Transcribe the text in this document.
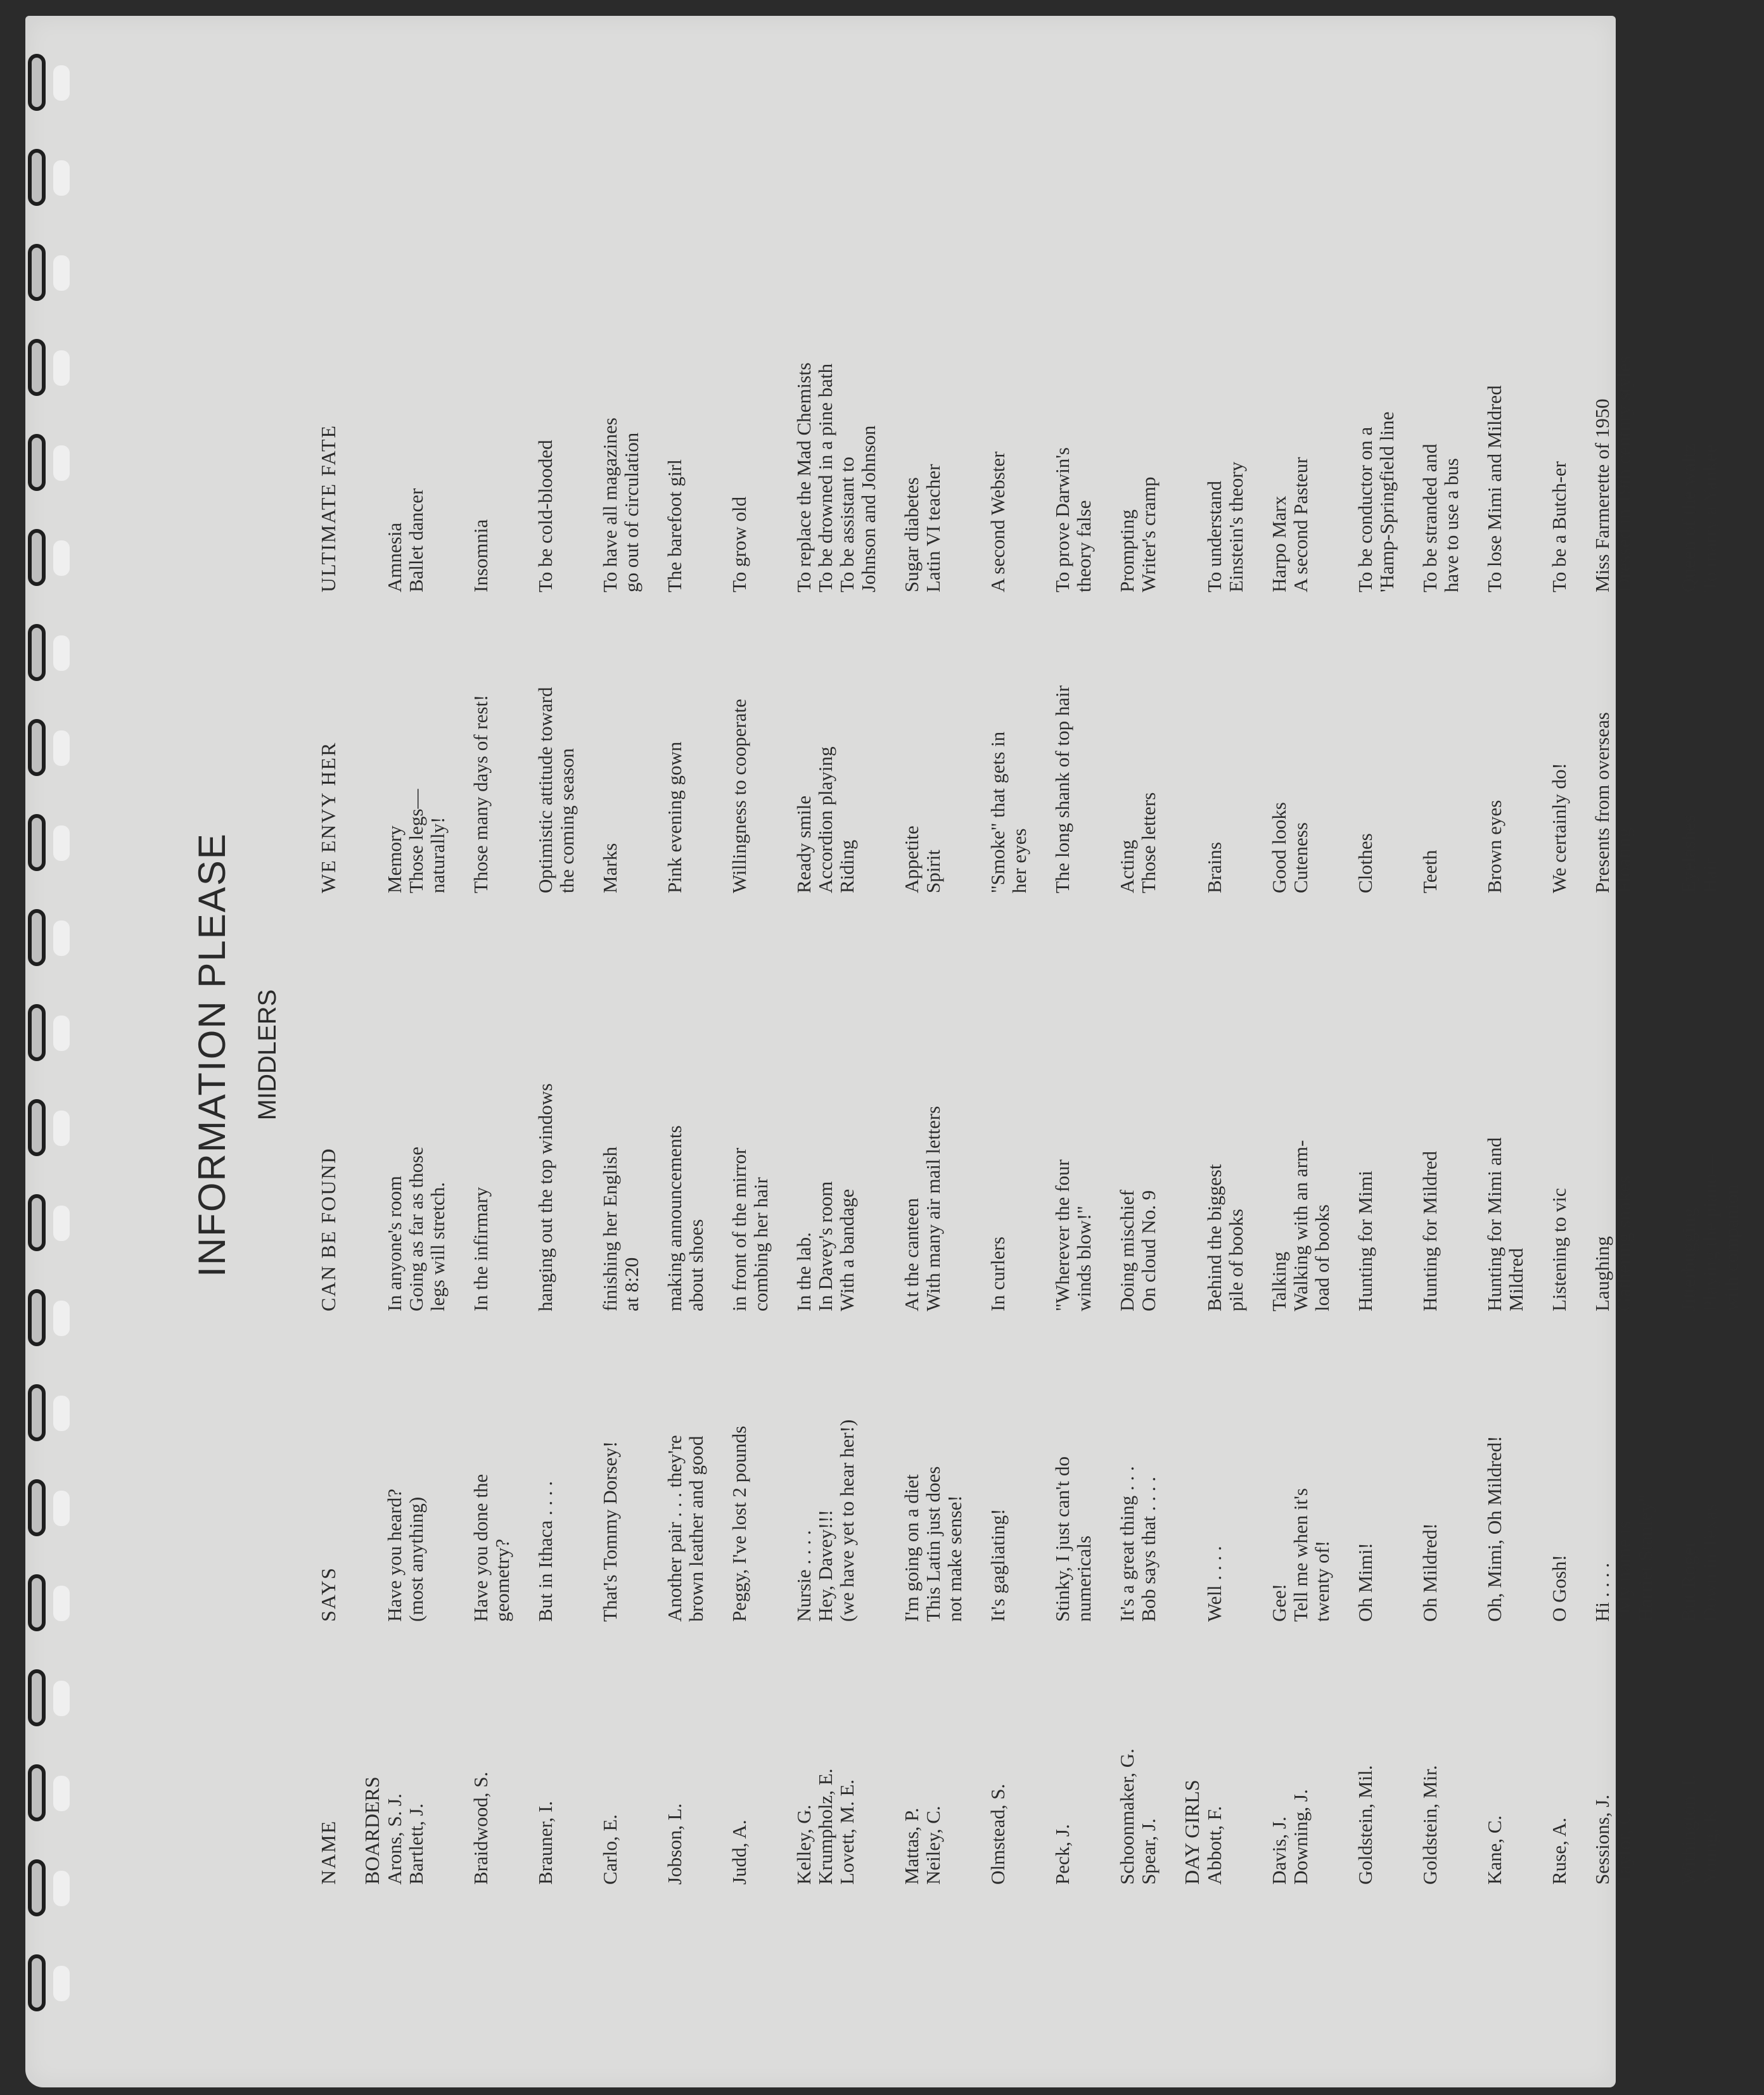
INFORMATION PLEASE MIDDLERS
NAME
SAYS
CAN BE FOUND
WE ENVY HER
ULTIMATE FATE
BOARDERS Arons, S. J.
Have you heard?
In anyone's room
Memory
Amnesia
Bartlett, J.
(most anything)
Going as far as those
Those legs—
Ballet dancer
legs will stretch.
naturally!
Braidwood, S.
Have you done the
In the infirmary
Those many days of rest!
Insomnia
geometry?
Brauner, I.
But in Ithaca . . . .
hanging out the top windows
Optimistic attitude toward
To be cold-blooded
the coming season
Carlo, E.
That's Tommy Dorsey!
finishing her English
Marks
To have all magazines
at 8:20
go out of circulation
Jobson, L.
Another pair . . . they're
making announcements
Pink evening gown
The barefoot girl
brown leather and good
about shoes
Judd, A.
Peggy, I've lost 2 pounds
in front of the mirror
Willingness to cooperate
To grow old
combing her hair
Kelley, G.
Nursie . . . .
In the lab.
Ready smile
To replace the Mad Chemists
Krumpholz, E.
Hey, Davey!!!
In Davey's room
Accordion playing
To be drowned in a pine bath
Lovett, M. E.
(we have yet to hear her!)
With a bandage
Riding
To be assistant to Johnson and Johnson
Mattas, P.
I'm going on a diet
At the canteen
Appetite
Sugar diabetes
Neiley, C.
This Latin just does
With many air mail letters
Spirit
Latin VI teacher
not make sense!
Olmstead, S.
It's gagliating!
In curlers
"Smoke" that gets in
A second Webster
her eyes
Peck, J.
Stinky, I just can't do
"Wherever the four
The long shank of top hair
To prove Darwin's
numericals
winds blow!"
theory false
Schoonmaker, G.
It's a great thing . . .
Doing mischief
Acting
Prompting
Spear, J.
Bob says that . . . .
On cloud No. 9
Those letters
Writer's cramp
DAY GIRLS Abbott, F.
Well . . . .
Behind the biggest
Brains
To understand
pile of books
Einstein's theory
Davis, J.
Gee!
Talking
Good looks
Harpo Marx
Downing, J.
Tell me when it's
Walking with an arm-
Cuteness
A second Pasteur
twenty of!
load of books
Goldstein, Mil.
Oh Mimi!
Hunting for Mimi
Clothes
To be conductor on a 'Hamp-Springfield line
Goldstein, Mir.
Oh Mildred!
Hunting for Mildred
Teeth
To be stranded and have to use a bus
Kane, C.
Oh, Mimi, Oh Mildred!
Hunting for Mimi and
Brown eyes
To lose Mimi and Mildred
Mildred
Ruse, A.
O Gosh!
Listening to vic
We certainly do!
To be a Butch-er
Sessions, J.
Hi . . . .
Laughing
Presents from overseas
Miss Farmerette of 1950
Taylor, C.
"My name is
Gathering snakes
Floating
Dressed in 19th century styles
Harriet Stanley"
Withington, I.
But Roger
Jitterbugging
Eyelashes
Queen of the waltz
Young, K.
Down in Texas
Playing the piano—
Hair
To marry a Yankee
with companion
